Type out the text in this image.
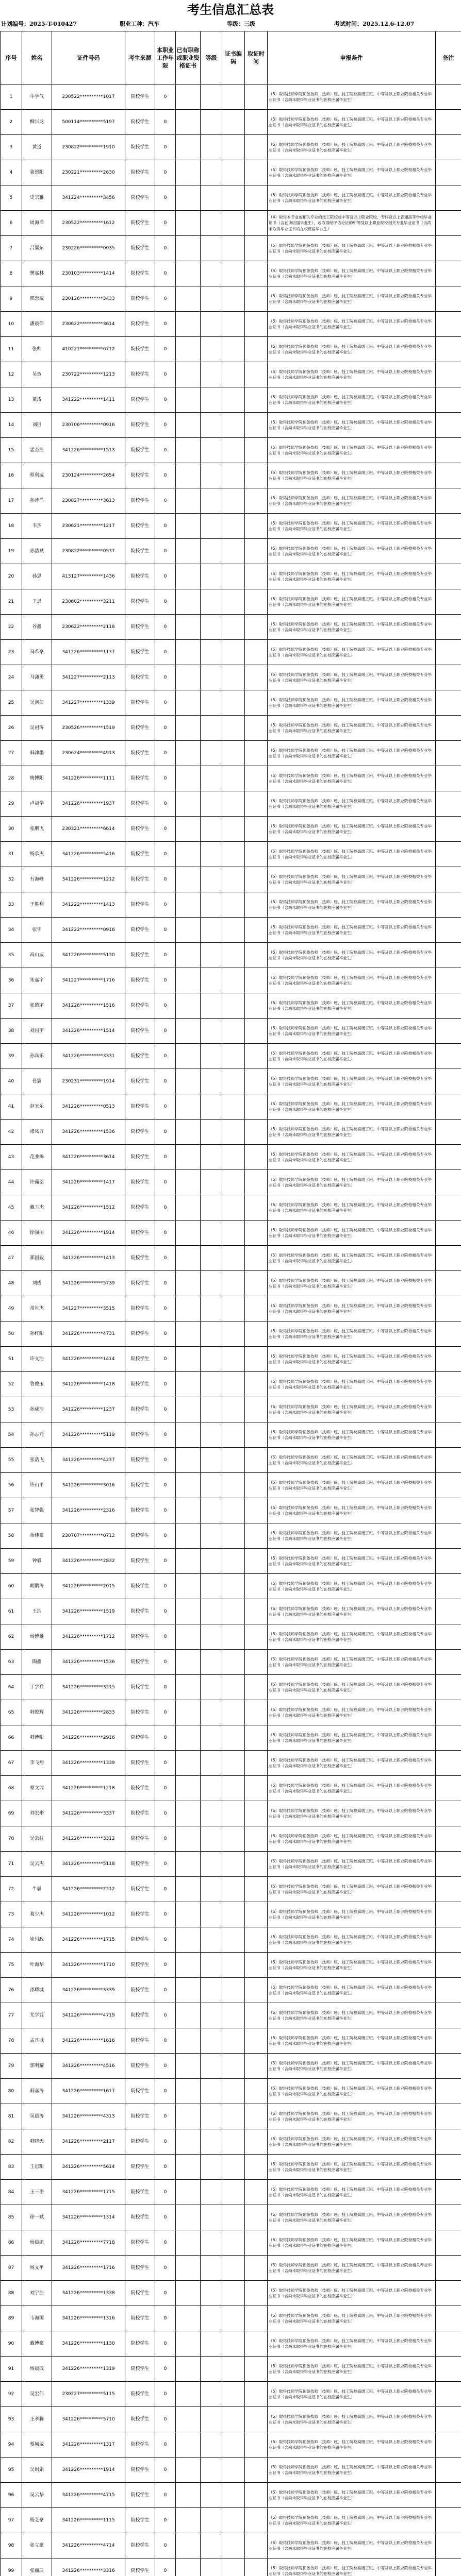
考生信息汇总表
计划编号：2025-T-010427	职业工种：汽车	等级：三级	考试时间：2025.12.6-12.07
序号	姓名	证件号码	考生来源	本职业工作年限	已有职称或职业资格证书	等级	证书编码	取证时间	申报条件	备注
1	牛学气	230522**********1017	院校学生	0					（5）取得技师学院预备技师（技师）班、技工院校高级工班、中等及以上职业院校相关专业毕业证书（含尚未取得毕业证书的在校应届毕业生）	
2	柳兴龙	500114**********5197	院校学生	0					（5）取得技师学院预备技师（技师）班、技工院校高级工班、中等及以上职业院校相关专业毕业证书（含尚未取得毕业证书的在校应届毕业生）	
3	黄道	230822**********1910	院校学生	0					（5）取得技师学院预备技师（技师）班、技工院校高级工班、中等及以上职业院校相关专业毕业证书（含尚未取得毕业证书的在校应届毕业生）	
4	鲁恩阳	230221**********2630	院校学生	0					（5）取得技师学院预备技师（技师）班、技工院校高级工班、中等及以上职业院校相关专业毕业证书（含尚未取得毕业证书的在校应届毕业生）	
5	史宗雅	341224**********3456	院校学生	0					（5）取得技师学院预备技师（技师）班、技工院校高级工班、中等及以上职业院校相关专业毕业证书（含尚未取得毕业证书的在校应届毕业生）	
6	周海洋	230522**********1612	院校学生	0					（4）取得本专业或相关专业的技工院校或中等及以上职业院校、专科及以上普通高等学校毕业证书（含在读应届毕业生），或取得经评估论证的中等及以上职业院校相关专业毕业证书（含尚未取得毕业证书的在校应届毕业生）	
7	吕翼东	230226**********0035	院校学生	0					（5）取得技师学院预备技师（技师）班、技工院校高级工班、中等及以上职业院校相关专业毕业证书（含尚未取得毕业证书的在校应届毕业生）	
8	樊嘉林	230103**********1414	院校学生	0					（5）取得技师学院预备技师（技师）班、技工院校高级工班、中等及以上职业院校相关专业毕业证书（含尚未取得毕业证书的在校应届毕业生）	
9	邢忠威	230126**********3433	院校学生	0					（5）取得技师学院预备技师（技师）班、技工院校高级工班、中等及以上职业院校相关专业毕业证书（含尚未取得毕业证书的在校应届毕业生）	
10	潘晨信	230622**********3614	院校学生	0					（5）取得技师学院预备技师（技师）班、技工院校高级工班、中等及以上职业院校相关专业毕业证书（含尚未取得毕业证书的在校应届毕业生）	
11	张帅	410221**********6712	院校学生	0					（5）取得技师学院预备技师（技师）班、技工院校高级工班、中等及以上职业院校相关专业毕业证书（含尚未取得毕业证书的在校应届毕业生）	
12	吴贺	230722**********1213	院校学生	0					（5）取得技师学院预备技师（技师）班、技工院校高级工班、中等及以上职业院校相关专业毕业证书（含尚未取得毕业证书的在校应届毕业生）	
13	董涛	341222**********1411	院校学生	0					（5）取得技师学院预备技师（技师）班、技工院校高级工班、中等及以上职业院校相关专业毕业证书（含尚未取得毕业证书的在校应届毕业生）	
14	刘巨	230706**********0916	院校学生	0					（5）取得技师学院预备技师（技师）班、技工院校高级工班、中等及以上职业院校相关专业毕业证书（含尚未取得毕业证书的在校应届毕业生）	
15	孟杰浩	341226**********1513	院校学生	0					（5）取得技师学院预备技师（技师）班、技工院校高级工班、中等及以上职业院校相关专业毕业证书（含尚未取得毕业证书的在校应届毕业生）	
16	程利威	230124**********2654	院校学生	0					（5）取得技师学院预备技师（技师）班、技工院校高级工班、中等及以上职业院校相关专业毕业证书（含尚未取得毕业证书的在校应届毕业生）	
17	孙诗洋	230827**********3613	院校学生	0					（5）取得技师学院预备技师（技师）班、技工院校高级工班、中等及以上职业院校相关专业毕业证书（含尚未取得毕业证书的在校应届毕业生）	
18	韦杰	230621**********1217	院校学生	0					（5）取得技师学院预备技师（技师）班、技工院校高级工班、中等及以上职业院校相关专业毕业证书（含尚未取得毕业证书的在校应届毕业生）	
19	孙浩斌	230822**********0537	院校学生	0					（5）取得技师学院预备技师（技师）班、技工院校高级工班、中等及以上职业院校相关专业毕业证书（含尚未取得毕业证书的在校应届毕业生）	
20	孙思	413127**********1436	院校学生	0					（5）取得技师学院预备技师（技师）班、技工院校高级工班、中等及以上职业院校相关专业毕业证书（含尚未取得毕业证书的在校应届毕业生）	
21	王思	230602**********3211	院校学生	0					（5）取得技师学院预备技师（技师）班、技工院校高级工班、中等及以上职业院校相关专业毕业证书（含尚未取得毕业证书的在校应届毕业生）	
22	谷鑫	230622**********2118	院校学生	0					（5）取得技师学院预备技师（技师）班、技工院校高级工班、中等及以上职业院校相关专业毕业证书（含尚未取得毕业证书的在校应届毕业生）	
23	马希豪	341226**********1137	院校学生	0					（5）取得技师学院预备技师（技师）班、技工院校高级工班、中等及以上职业院校相关专业毕业证书（含尚未取得毕业证书的在校应届毕业生）	
24	马潇勇	341227**********2113	院校学生	0					（5）取得技师学院预备技师（技师）班、技工院校高级工班、中等及以上职业院校相关专业毕业证书（含尚未取得毕业证书的在校应届毕业生）	
25	吴润如	341227**********1339	院校学生	0					（5）取得技师学院预备技师（技师）班、技工院校高级工班、中等及以上职业院校相关专业毕业证书（含尚未取得毕业证书的在校应届毕业生）	
26	吴祖涛	230526**********1519	院校学生	0					（5）取得技师学院预备技师（技师）班、技工院校高级工班、中等及以上职业院校相关专业毕业证书（含尚未取得毕业证书的在校应届毕业生）	
27	韩津墨	230624**********4913	院校学生	0					（5）取得技师学院预备技师（技师）班、技工院校高级工班、中等及以上职业院校相关专业毕业证书（含尚未取得毕业证书的在校应届毕业生）	
28	梅博阳	341226**********1111	院校学生	0					（5）取得技师学院预备技师（技师）班、技工院校高级工班、中等及以上职业院校相关专业毕业证书（含尚未取得毕业证书的在校应届毕业生）	
29	卢福学	341226**********1937	院校学生	0					（5）取得技师学院预备技师（技师）班、技工院校高级工班、中等及以上职业院校相关专业毕业证书（含尚未取得毕业证书的在校应届毕业生）	
30	张鹏飞	230321**********6614	院校学生	0					（5）取得技师学院预备技师（技师）班、技工院校高级工班、中等及以上职业院校相关专业毕业证书（含尚未取得毕业证书的在校应届毕业生）	
31	杨承杰	341226**********5416	院校学生	0					（5）取得技师学院预备技师（技师）班、技工院校高级工班、中等及以上职业院校相关专业毕业证书（含尚未取得毕业证书的在校应届毕业生）	
32	石海峰	341226**********1212	院校学生	0					（5）取得技师学院预备技师（技师）班、技工院校高级工班、中等及以上职业院校相关专业毕业证书（含尚未取得毕业证书的在校应届毕业生）	
33	于胜利	341222**********1413	院校学生	0					（5）取得技师学院预备技师（技师）班、技工院校高级工班、中等及以上职业院校相关专业毕业证书（含尚未取得毕业证书的在校应届毕业生）	
34	张宇	341222**********0916	院校学生	0					（5）取得技师学院预备技师（技师）班、技工院校高级工班、中等及以上职业院校相关专业毕业证书（含尚未取得毕业证书的在校应届毕业生）	
35	冯山威	341226**********5130	院校学生	0					（5）取得技师学院预备技师（技师）班、技工院校高级工班、中等及以上职业院校相关专业毕业证书（含尚未取得毕业证书的在校应届毕业生）	
36	朱嘉宇	341227**********1716	院校学生	0					（5）取得技师学院预备技师（技师）班、技工院校高级工班、中等及以上职业院校相关专业毕业证书（含尚未取得毕业证书的在校应届毕业生）	
37	张德宇	341226**********1516	院校学生	0					（5）取得技师学院预备技师（技师）班、技工院校高级工班、中等及以上职业院校相关专业毕业证书（含尚未取得毕业证书的在校应届毕业生）	
38	刘国宇	341226**********1514	院校学生	0					（5）取得技师学院预备技师（技师）班、技工院校高级工班、中等及以上职业院校相关专业毕业证书（含尚未取得毕业证书的在校应届毕业生）	
39	孙宾乐	341226**********3331	院校学生	0					（5）取得技师学院预备技师（技师）班、技工院校高级工班、中等及以上职业院校相关专业毕业证书（含尚未取得毕业证书的在校应届毕业生）	
40	任震	230231**********1914	院校学生	0					（5）取得技师学院预备技师（技师）班、技工院校高级工班、中等及以上职业院校相关专业毕业证书（含尚未取得毕业证书的在校应届毕业生）	
41	赵天乐	341226**********0513	院校学生	0					（5）取得技师学院预备技师（技师）班、技工院校高级工班、中等及以上职业院校相关专业毕业证书（含尚未取得毕业证书的在校应届毕业生）	
42	褚凤万	341226**********1536	院校学生	0					（5）取得技师学院预备技师（技师）班、技工院校高级工班、中等及以上职业院校相关专业毕业证书（含尚未取得毕业证书的在校应届毕业生）	
43	范业锦	341226**********3614	院校学生	0					（5）取得技师学院预备技师（技师）班、技工院校高级工班、中等及以上职业院校相关专业毕业证书（含尚未取得毕业证书的在校应届毕业生）	
44	许露铭	341226**********1417	院校学生	0					（5）取得技师学院预备技师（技师）班、技工院校高级工班、中等及以上职业院校相关专业毕业证书（含尚未取得毕业证书的在校应届毕业生）	
45	戴玉杰	341226**********1512	院校学生	0					（5）取得技师学院预备技师（技师）班、技工院校高级工班、中等及以上职业院校相关专业毕业证书（含尚未取得毕业证书的在校应届毕业生）	
46	徐强国	341226**********1914	院校学生	0					（5）取得技师学院预备技师（技师）班、技工院校高级工班、中等及以上职业院校相关专业毕业证书（含尚未取得毕业证书的在校应届毕业生）	
47	郑国毅	341226**********1413	院校学生	0					（5）取得技师学院预备技师（技师）班、技工院校高级工班、中等及以上职业院校相关专业毕业证书（含尚未取得毕业证书的在校应届毕业生）	
48	刘成	341226**********5739	院校学生	0					（5）取得技师学院预备技师（技师）班、技工院校高级工班、中等及以上职业院校相关专业毕业证书（含尚未取得毕业证书的在校应届毕业生）	
49	常世杰	341227**********3515	院校学生	0					（5）取得技师学院预备技师（技师）班、技工院校高级工班、中等及以上职业院校相关专业毕业证书（含尚未取得毕业证书的在校应届毕业生）	
50	孙红阳	341226**********4731	院校学生	0					（5）取得技师学院预备技师（技师）班、技工院校高级工班、中等及以上职业院校相关专业毕业证书（含尚未取得毕业证书的在校应届毕业生）	
51	许文浩	341226**********1414	院校学生	0					（5）取得技师学院预备技师（技师）班、技工院校高级工班、中等及以上职业院校相关专业毕业证书（含尚未取得毕业证书的在校应届毕业生）	
52	鲁俊玉	341226**********1418	院校学生	0					（5）取得技师学院预备技师（技师）班、技工院校高级工班、中等及以上职业院校相关专业毕业证书（含尚未取得毕业证书的在校应届毕业生）	
53	孙成浩	341226**********1237	院校学生	0					（5）取得技师学院预备技师（技师）班、技工院校高级工班、中等及以上职业院校相关专业毕业证书（含尚未取得毕业证书的在校应届毕业生）	
54	孙志元	341226**********5119	院校学生	0					（5）取得技师学院预备技师（技师）班、技工院校高级工班、中等及以上职业院校相关专业毕业证书（含尚未取得毕业证书的在校应届毕业生）	
55	张浩飞	341226**********4237	院校学生	0					（5）取得技师学院预备技师（技师）班、技工院校高级工班、中等及以上职业院校相关专业毕业证书（含尚未取得毕业证书的在校应届毕业生）	
56	许山平	341226**********3016	院校学生	0					（5）取得技师学院预备技师（技师）班、技工院校高级工班、中等及以上职业院校相关专业毕业证书（含尚未取得毕业证书的在校应届毕业生）	
57	张智强	341226**********2316	院校学生	0					（5）取得技师学院预备技师（技师）班、技工院校高级工班、中等及以上职业院校相关专业毕业证书（含尚未取得毕业证书的在校应届毕业生）	
58	余佳豪	230707**********0712	院校学生	0					（5）取得技师学院预备技师（技师）班、技工院校高级工班、中等及以上职业院校相关专业毕业证书（含尚未取得毕业证书的在校应届毕业生）	
59	钟毅	341226**********2832	院校学生	0					（5）取得技师学院预备技师（技师）班、技工院校高级工班、中等及以上职业院校相关专业毕业证书（含尚未取得毕业证书的在校应届毕业生）	
60	胡鹏涛	341226**********2015	院校学生	0					（5）取得技师学院预备技师（技师）班、技工院校高级工班、中等及以上职业院校相关专业毕业证书（含尚未取得毕业证书的在校应届毕业生）	
61	王浩	341226**********1519	院校学生	0					（5）取得技师学院预备技师（技师）班、技工院校高级工班、中等及以上职业院校相关专业毕业证书（含尚未取得毕业证书的在校应届毕业生）	
62	杨博雄	341226**********1712	院校学生	0					（5）取得技师学院预备技师（技师）班、技工院校高级工班、中等及以上职业院校相关专业毕业证书（含尚未取得毕业证书的在校应届毕业生）	
63	陶鑫	341226**********1536	院校学生	0					（5）取得技师学院预备技师（技师）班、技工院校高级工班、中等及以上职业院校相关专业毕业证书（含尚未取得毕业证书的在校应届毕业生）	
64	丁学兵	341226**********3215	院校学生	0					（5）取得技师学院预备技师（技师）班、技工院校高级工班、中等及以上职业院校相关专业毕业证书（含尚未取得毕业证书的在校应届毕业生）	
65	韩俊辉	341226**********2833	院校学生	0					（5）取得技师学院预备技师（技师）班、技工院校高级工班、中等及以上职业院校相关专业毕业证书（含尚未取得毕业证书的在校应届毕业生）	
66	韩博阳	341226**********2916	院校学生	0					（5）取得技师学院预备技师（技师）班、技工院校高级工班、中等及以上职业院校相关专业毕业证书（含尚未取得毕业证书的在校应届毕业生）	
67	李飞翔	341226**********1339	院校学生	0					（5）取得技师学院预备技师（技师）班、技工院校高级工班、中等及以上职业院校相关专业毕业证书（含尚未取得毕业证书的在校应届毕业生）	
68	蔡文瑞	341226**********1218	院校学生	0					（5）取得技师学院预备技师（技师）班、技工院校高级工班、中等及以上职业院校相关专业毕业证书（含尚未取得毕业证书的在校应届毕业生）	
69	刘宏彬	341226**********3337	院校学生	0					（5）取得技师学院预备技师（技师）班、技工院校高级工班、中等及以上职业院校相关专业毕业证书（含尚未取得毕业证书的在校应届毕业生）	
70	吴云柱	341226**********3312	院校学生	0					（5）取得技师学院预备技师（技师）班、技工院校高级工班、中等及以上职业院校相关专业毕业证书（含尚未取得毕业证书的在校应届毕业生）	
71	吴云杰	341226**********5118	院校学生	0					（5）取得技师学院预备技师（技师）班、技工院校高级工班、中等及以上职业院校相关专业毕业证书（含尚未取得毕业证书的在校应届毕业生）	
72	牛毅	341226**********2212	院校学生	0					（5）取得技师学院预备技师（技师）班、技工院校高级工班、中等及以上职业院校相关专业毕业证书（含尚未取得毕业证书的在校应届毕业生）	
73	葛少杰	341226**********1012	院校学生	0					（5）取得技师学院预备技师（技师）班、技工院校高级工班、中等及以上职业院校相关专业毕业证书（含尚未取得毕业证书的在校应届毕业生）	
74	崔国政	341226**********1715	院校学生	0					（5）取得技师学院预备技师（技师）班、技工院校高级工班、中等及以上职业院校相关专业毕业证书（含尚未取得毕业证书的在校应届毕业生）	
75	叶海华	341226**********1710	院校学生	0					（5）取得技师学院预备技师（技师）班、技工院校高级工班、中等及以上职业院校相关专业毕业证书（含尚未取得毕业证书的在校应届毕业生）	
76	邵耀城	341226**********3339	院校学生	0					（5）取得技师学院预备技师（技师）班、技工院校高级工班、中等及以上职业院校相关专业毕业证书（含尚未取得毕业证书的在校应届毕业生）	
77	尤学益	341226**********4719	院校学生	0					（5）取得技师学院预备技师（技师）班、技工院校高级工班、中等及以上职业院校相关专业毕业证书（含尚未取得毕业证书的在校应届毕业生）	
78	孟凡城	341226**********1616	院校学生	0					（5）取得技师学院预备技师（技师）班、技工院校高级工班、中等及以上职业院校相关专业毕业证书（含尚未取得毕业证书的在校应届毕业生）	
79	郭明耀	341226**********4516	院校学生	0					（5）取得技师学院预备技师（技师）班、技工院校高级工班、中等及以上职业院校相关专业毕业证书（含尚未取得毕业证书的在校应届毕业生）	
80	韩嘉涛	341226**********1617	院校学生	0					（5）取得技师学院预备技师（技师）班、技工院校高级工班、中等及以上职业院校相关专业毕业证书（含尚未取得毕业证书的在校应届毕业生）	
81	吴晨涛	341226**********4313	院校学生	0					（5）取得技师学院预备技师（技师）班、技工院校高级工班、中等及以上职业院校相关专业毕业证书（含尚未取得毕业证书的在校应届毕业生）	
82	韩晓天	341226**********2117	院校学生	0					（5）取得技师学院预备技师（技师）班、技工院校高级工班、中等及以上职业院校相关专业毕业证书（含尚未取得毕业证书的在校应届毕业生）	
83	王思阳	341226**********5614	院校学生	0					（5）取得技师学院预备技师（技师）班、技工院校高级工班、中等及以上职业院校相关专业毕业证书（含尚未取得毕业证书的在校应届毕业生）	
84	王三语	341226**********1715	院校学生	0					（5）取得技师学院预备技师（技师）班、技工院校高级工班、中等及以上职业院校相关专业毕业证书（含尚未取得毕业证书的在校应届毕业生）	
85	徐一斌	341226**********1314	院校学生	0					（5）取得技师学院预备技师（技师）班、技工院校高级工班、中等及以上职业院校相关专业毕业证书（含尚未取得毕业证书的在校应届毕业生）	
86	杨晨硕	341226**********7718	院校学生	0					（5）取得技师学院预备技师（技师）班、技工院校高级工班、中等及以上职业院校相关专业毕业证书（含尚未取得毕业证书的在校应届毕业生）	
87	杨文平	341226**********1716	院校学生	0					（5）取得技师学院预备技师（技师）班、技工院校高级工班、中等及以上职业院校相关专业毕业证书（含尚未取得毕业证书的在校应届毕业生）	
88	刘宇浩	341226**********1338	院校学生	0					（5）取得技师学院预备技师（技师）班、技工院校高级工班、中等及以上职业院校相关专业毕业证书（含尚未取得毕业证书的在校应届毕业生）	
89	韦海国	341226**********1316	院校学生	0					（5）取得技师学院预备技师（技师）班、技工院校高级工班、中等及以上职业院校相关专业毕业证书（含尚未取得毕业证书的在校应届毕业生）	
90	戴博豪	341226**********1130	院校学生	0					（5）取得技师学院预备技师（技师）班、技工院校高级工班、中等及以上职业院校相关专业毕业证书（含尚未取得毕业证书的在校应届毕业生）	
91	杨晨段	341226**********1319	院校学生	0					（5）取得技师学院预备技师（技师）班、技工院校高级工班、中等及以上职业院校相关专业毕业证书（含尚未取得毕业证书的在校应届毕业生）	
92	吴宏伟	230227**********5115	院校学生	0					（5）取得技师学院预备技师（技师）班、技工院校高级工班、中等及以上职业院校相关专业毕业证书（含尚未取得毕业证书的在校应届毕业生）	
93	王孝腾	341226**********5710	院校学生	0					（5）取得技师学院预备技师（技师）班、技工院校高级工班、中等及以上职业院校相关专业毕业证书（含尚未取得毕业证书的在校应届毕业生）	
94	蔡城威	341226**********1317	院校学生	0					（5）取得技师学院预备技师（技师）班、技工院校高级工班、中等及以上职业院校相关专业毕业证书（含尚未取得毕业证书的在校应届毕业生）	
95	吴娟娟	341226**********1914	院校学生	0					（5）取得技师学院预备技师（技师）班、技工院校高级工班、中等及以上职业院校相关专业毕业证书（含尚未取得毕业证书的在校应届毕业生）	
96	吴云华	341226**********4715	院校学生	0					（5）取得技师学院预备技师（技师）班、技工院校高级工班、中等及以上职业院校相关专业毕业证书（含尚未取得毕业证书的在校应届毕业生）	
97	杨芝豪	341226**********1115	院校学生	0					（5）取得技师学院预备技师（技师）班、技工院校高级工班、中等及以上职业院校相关专业毕业证书（含尚未取得毕业证书的在校应届毕业生）	
98	张立豪	341226**********4714	院校学生	0					（5）取得技师学院预备技师（技师）班、技工院校高级工班、中等及以上职业院校相关专业毕业证书（含尚未取得毕业证书的在校应届毕业生）	
99	张丽辰	341226**********3316	院校学生	0					（5）取得技师学院预备技师（技师）班、技工院校高级工班、中等及以上职业院校相关专业毕业证书（含尚未取得毕业证书的在校应届毕业生）	
